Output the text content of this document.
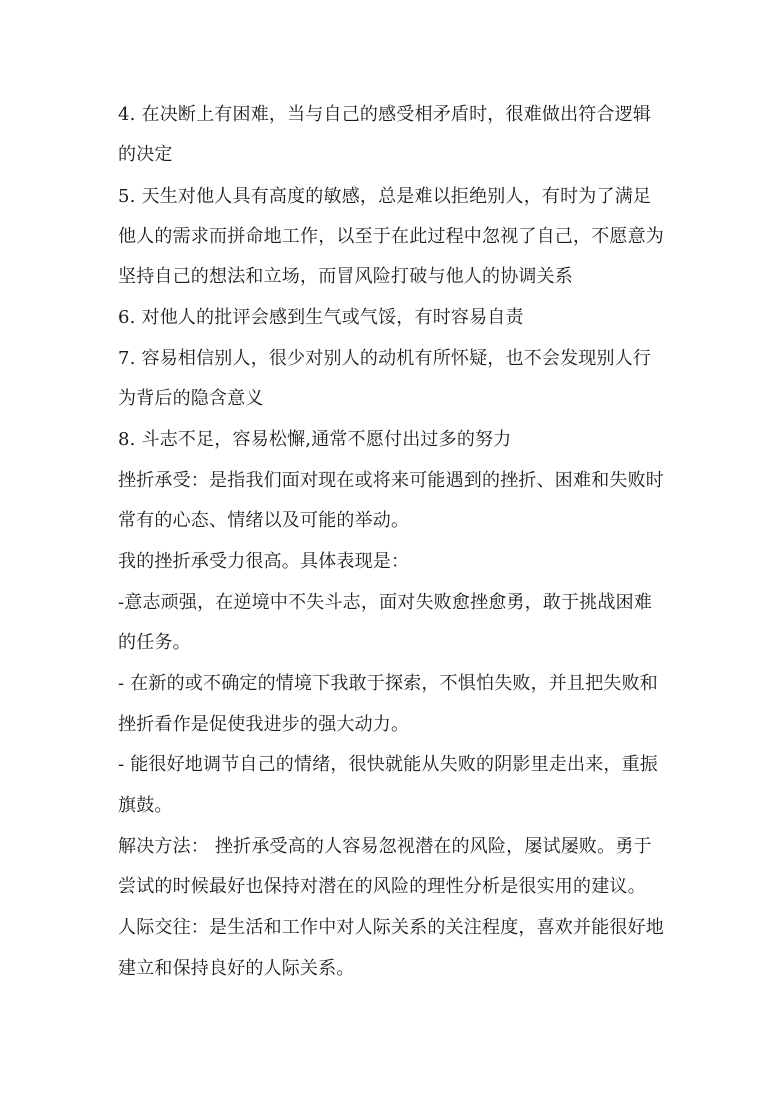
4. 在决断上有困难，当与自己的感受相矛盾时，很难做出符合逻辑
的决定
5. 天生对他人具有高度的敏感，总是难以拒绝别人，有时为了满足
他人的需求而拼命地工作，以至于在此过程中忽视了自己，不愿意为
坚持自己的想法和立场，而冒风险打破与他人的协调关系
6. 对他人的批评会感到生气或气馁，有时容易自责
7. 容易相信别人，很少对别人的动机有所怀疑，也不会发现别人行
为背后的隐含意义
8. 斗志不足，容易松懈,通常不愿付出过多的努力
挫折承受：是指我们面对现在或将来可能遇到的挫折、困难和失败时
常有的心态、情绪以及可能的举动。
我的挫折承受力很高。具体表现是：
-意志顽强，在逆境中不失斗志，面对失败愈挫愈勇，敢于挑战困难
的任务。
- 在新的或不确定的情境下我敢于探索，不惧怕失败，并且把失败和
挫折看作是促使我进步的强大动力。
- 能很好地调节自己的情绪，很快就能从失败的阴影里走出来，重振
旗鼓。
解决方法： 挫折承受高的人容易忽视潜在的风险，屡试屡败。勇于
尝试的时候最好也保持对潜在的风险的理性分析是很实用的建议。
人际交往：是生活和工作中对人际关系的关注程度，喜欢并能很好地
建立和保持良好的人际关系。
